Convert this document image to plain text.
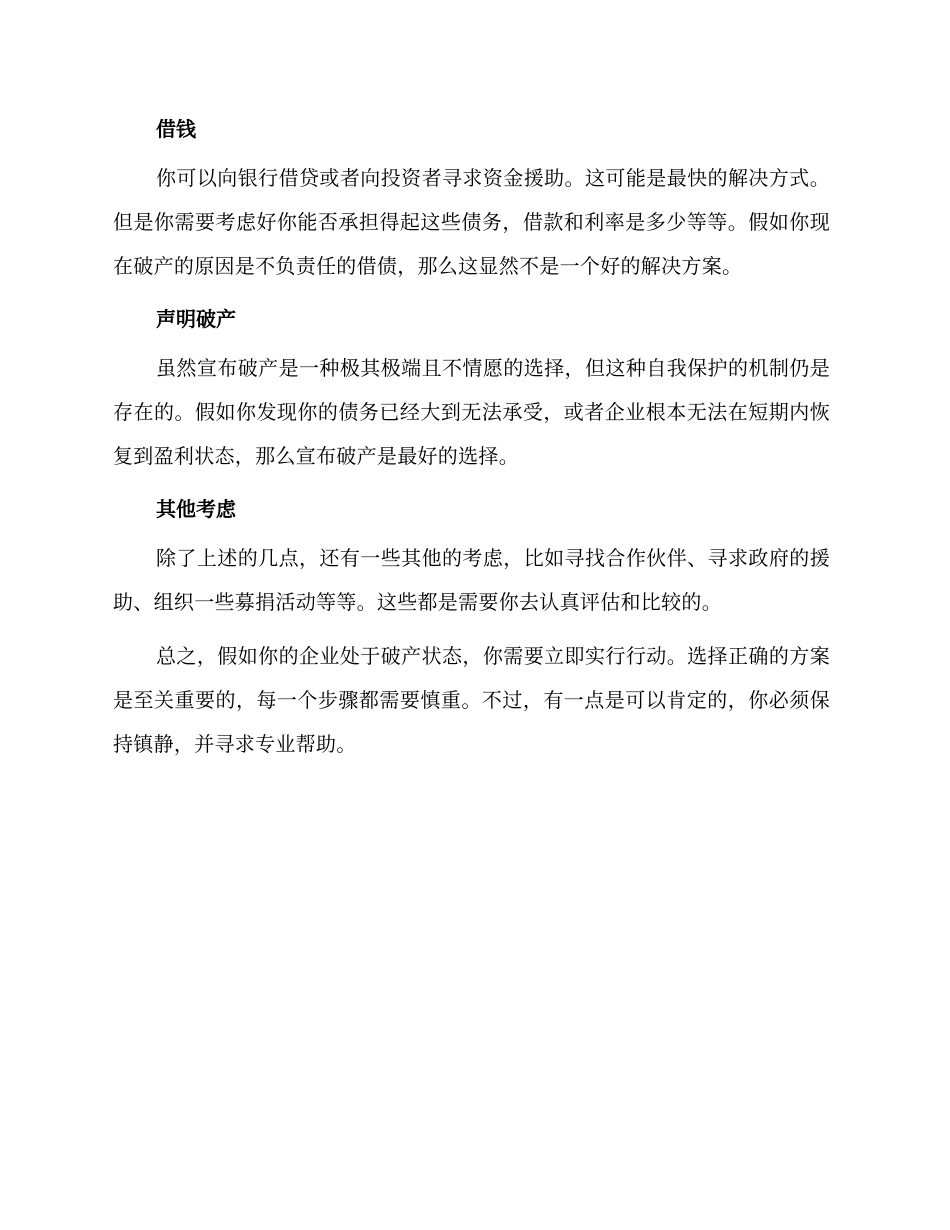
借钱

你可以向银行借贷或者向投资者寻求资金援助。这可能是最快的解决方式。但是你需要考虑好你能否承担得起这些债务，借款和利率是多少等等。假如你现在破产的原因是不负责任的借债，那么这显然不是一个好的解决方案。

声明破产

虽然宣布破产是一种极其极端且不情愿的选择，但这种自我保护的机制仍是存在的。假如你发现你的债务已经大到无法承受，或者企业根本无法在短期内恢复到盈利状态，那么宣布破产是最好的选择。

其他考虑

除了上述的几点，还有一些其他的考虑，比如寻找合作伙伴、寻求政府的援助、组织一些募捐活动等等。这些都是需要你去认真评估和比较的。

总之，假如你的企业处于破产状态，你需要立即实行行动。选择正确的方案是至关重要的，每一个步骤都需要慎重。不过，有一点是可以肯定的，你必须保持镇静，并寻求专业帮助。
